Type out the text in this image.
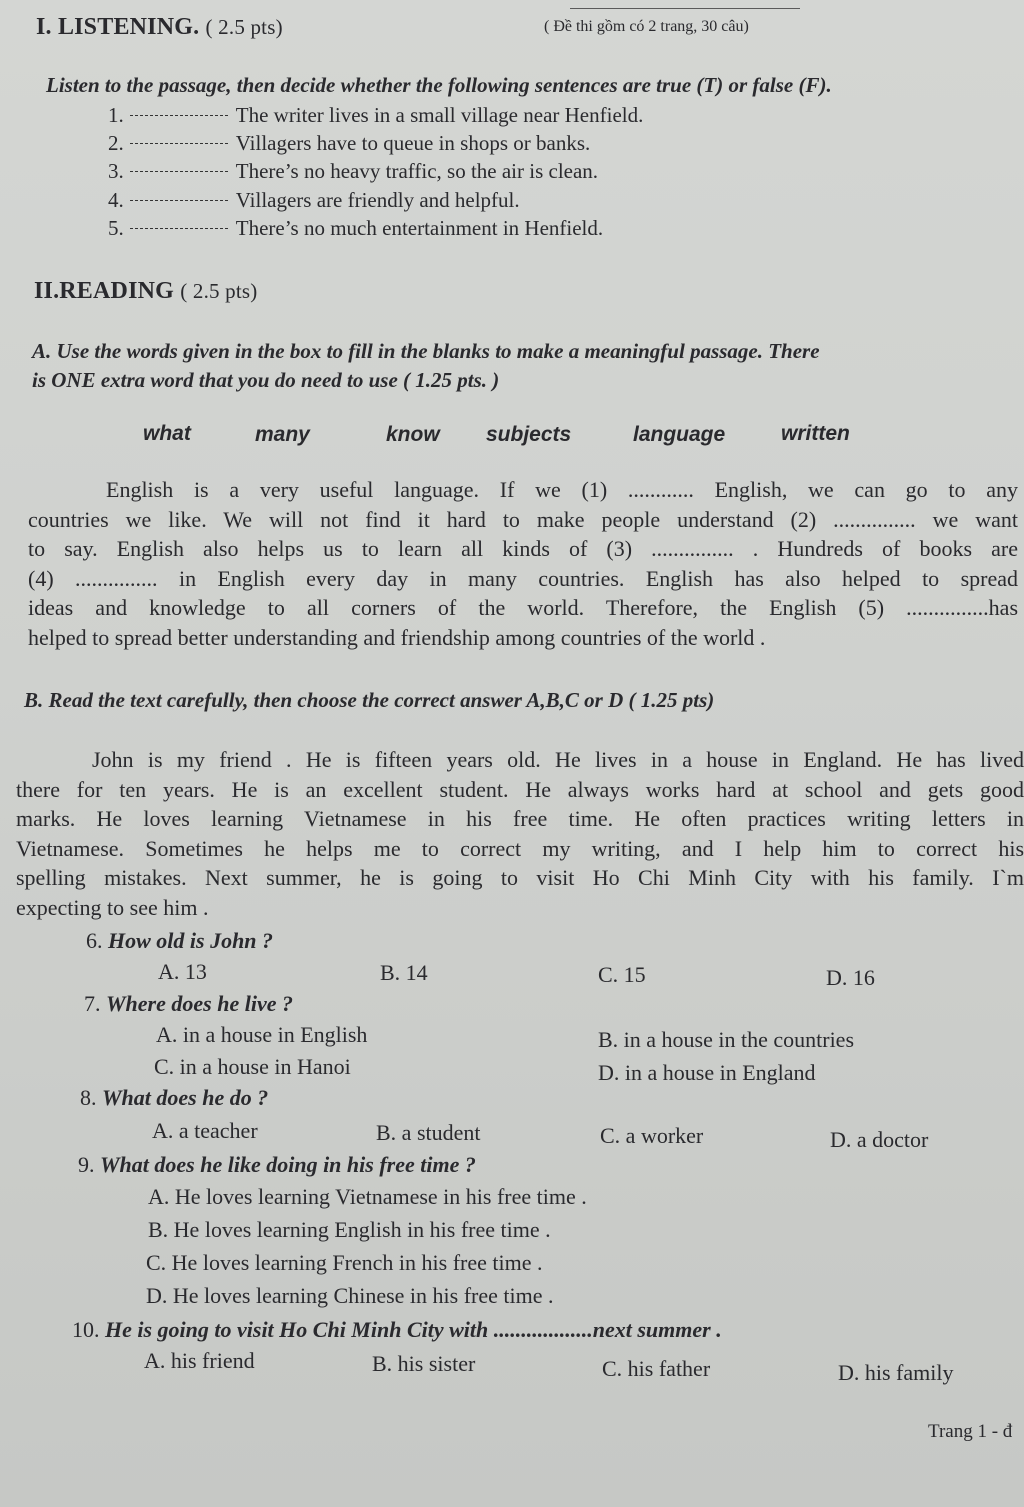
I. LISTENING. ( 2.5 pts)	( Đề thi gồm có 2 trang, 30 câu)
Listen to the passage, then decide whether the following sentences are true (T) or false (F).
1.	The writer lives in a small village near Henfield.
2.	Villagers have to queue in shops or banks.
3.	There’s no heavy traffic, so the air is clean.
4.	Villagers are friendly and helpful.
5.	There’s no much entertainment in Henfield.
II.READING ( 2.5 pts)
A. Use the words given in the box to fill in the blanks to make a meaningful passage. There
is ONE extra word that you do need to use ( 1.25 pts. )
what	many	know subjects	language	written
English is a very useful language. If we (1) ............ English, we can go to any
countries we like. We will not find it hard to make people understand (2) ............... we want
to say. English also helps us to learn all kinds of (3) ............... . Hundreds of books are
(4) ............... in English every day in many countries. English has also helped to spread
ideas and knowledge to all corners of the world. Therefore, the English (5) ...............has
helped to spread better understanding and friendship among countries of the world .
B. Read the text carefully, then choose the correct answer A,B,C or D ( 1.25 pts)
John is my friend . He is fifteen years old. He lives in a house in England. He has lived
there for ten years. He is an excellent student. He always works hard at school and gets good
marks. He loves learning Vietnamese in his free time. He often practices writing letters in
Vietnamese. Sometimes he helps me to correct my writing, and I help him to correct his
spelling mistakes. Next summer, he is going to visit Ho Chi Minh City with his family. I`m
expecting to see him .
6. How old is John ?
A. 13	B. 14	C. 15	D. 16
7. Where does he live ?
A. in a house in English	B. in a house in the countries
C. in a house in Hanoi	D. in a house in England
8. What does he do ?
A. a teacher	B. a student	C. a worker	D. a doctor
9. What does he like doing in his free time ?
A. He loves learning Vietnamese in his free time .
B. He loves learning English in his free time .
C. He loves learning French in his free time .
D. He loves learning Chinese in his free time .
10. He is going to visit Ho Chi Minh City with ..................next summer .
A. his friend	B. his sister	C. his father	D. his family
Trang 1 - đ
